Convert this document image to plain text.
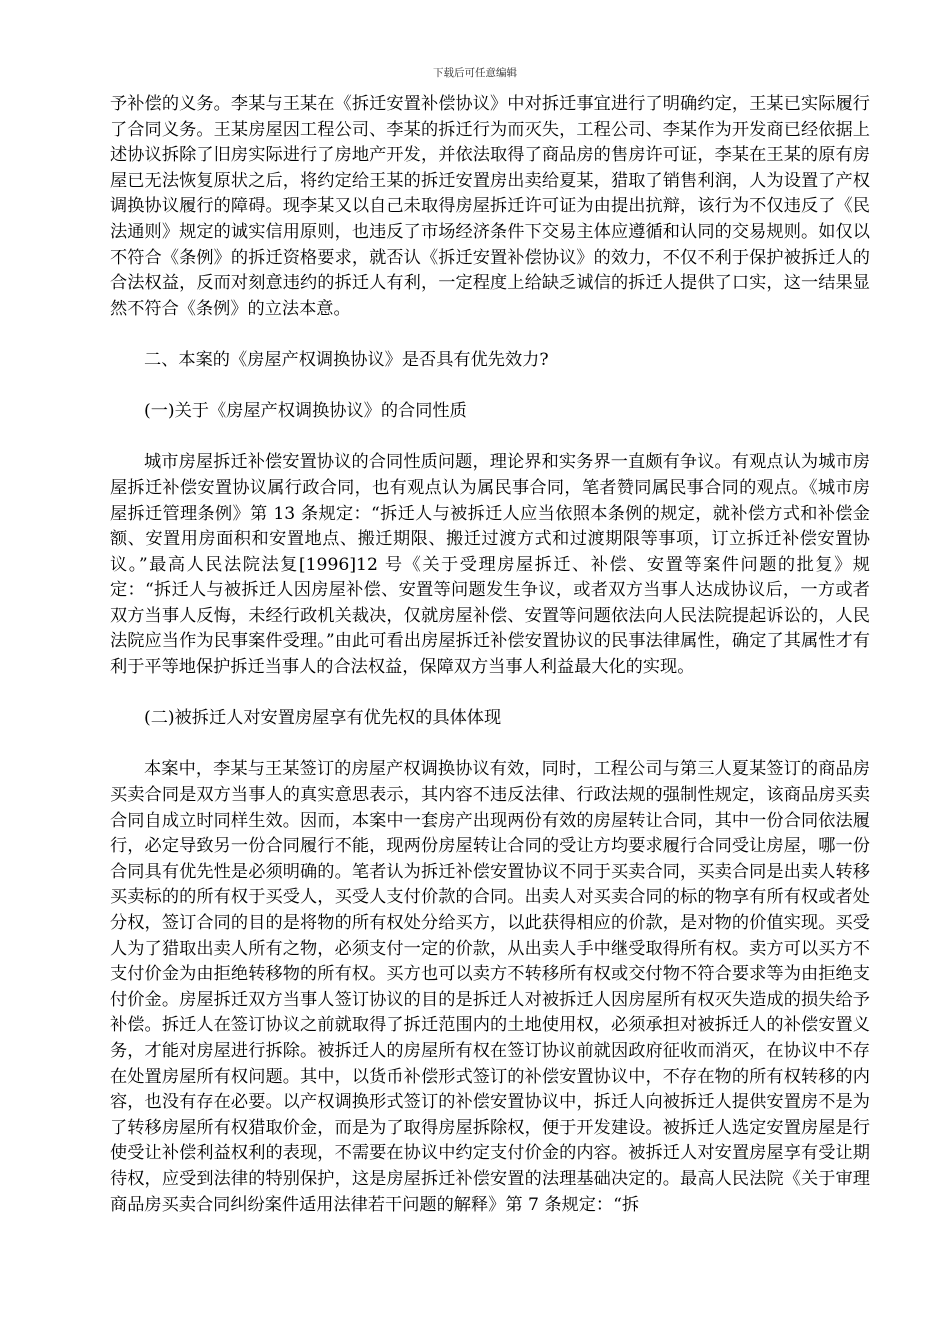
下载后可任意编辑

予补偿的义务。李某与王某在《拆迁安置补偿协议》中对拆迁事宜进行了明确约定，王某已实际履行了合同义务。王某房屋因工程公司、李某的拆迁行为而灭失，工程公司、李某作为开发商已经依据上述协议拆除了旧房实际进行了房地产开发，并依法取得了商品房的售房许可证，李某在王某的原有房屋已无法恢复原状之后，将约定给王某的拆迁安置房出卖给夏某，猎取了销售利润，人为设置了产权调换协议履行的障碍。现李某又以自己未取得房屋拆迁许可证为由提出抗辩，该行为不仅违反了《民法通则》规定的诚实信用原则，也违反了市场经济条件下交易主体应遵循和认同的交易规则。如仅以不符合《条例》的拆迁资格要求，就否认《拆迁安置补偿协议》的效力，不仅不利于保护被拆迁人的合法权益，反而对刻意违约的拆迁人有利，一定程度上给缺乏诚信的拆迁人提供了口实，这一结果显然不符合《条例》的立法本意。

二、本案的《房屋产权调换协议》是否具有优先效力?

(一)关于《房屋产权调换协议》的合同性质

城市房屋拆迁补偿安置协议的合同性质问题，理论界和实务界一直颇有争议。有观点认为城市房屋拆迁补偿安置协议属行政合同，也有观点认为属民事合同，笔者赞同属民事合同的观点。《城市房屋拆迁管理条例》第 13 条规定：“拆迁人与被拆迁人应当依照本条例的规定，就补偿方式和补偿金额、安置用房面积和安置地点、搬迁期限、搬迁过渡方式和过渡期限等事项，订立拆迁补偿安置协议。”最高人民法院法复[1996]12 号《关于受理房屋拆迁、补偿、安置等案件问题的批复》规定：“拆迁人与被拆迁人因房屋补偿、安置等问题发生争议，或者双方当事人达成协议后，一方或者双方当事人反悔，未经行政机关裁决，仅就房屋补偿、安置等问题依法向人民法院提起诉讼的，人民法院应当作为民事案件受理。”由此可看出房屋拆迁补偿安置协议的民事法律属性，确定了其属性才有利于平等地保护拆迁当事人的合法权益，保障双方当事人利益最大化的实现。

(二)被拆迁人对安置房屋享有优先权的具体体现

本案中，李某与王某签订的房屋产权调换协议有效，同时，工程公司与第三人夏某签订的商品房买卖合同是双方当事人的真实意思表示，其内容不违反法律、行政法规的强制性规定，该商品房买卖合同自成立时同样生效。因而，本案中一套房产出现两份有效的房屋转让合同，其中一份合同依法履行，必定导致另一份合同履行不能，现两份房屋转让合同的受让方均要求履行合同受让房屋，哪一份合同具有优先性是必须明确的。笔者认为拆迁补偿安置协议不同于买卖合同，买卖合同是出卖人转移买卖标的的所有权于买受人，买受人支付价款的合同。出卖人对买卖合同的标的物享有所有权或者处分权，签订合同的目的是将物的所有权处分给买方，以此获得相应的价款，是对物的价值实现。买受人为了猎取出卖人所有之物，必须支付一定的价款，从出卖人手中继受取得所有权。卖方可以买方不支付价金为由拒绝转移物的所有权。买方也可以卖方不转移所有权或交付物不符合要求等为由拒绝支付价金。房屋拆迁双方当事人签订协议的目的是拆迁人对被拆迁人因房屋所有权灭失造成的损失给予补偿。拆迁人在签订协议之前就取得了拆迁范围内的土地使用权，必须承担对被拆迁人的补偿安置义务，才能对房屋进行拆除。被拆迁人的房屋所有权在签订协议前就因政府征收而消灭，在协议中不存在处置房屋所有权问题。其中，以货币补偿形式签订的补偿安置协议中，不存在物的所有权转移的内容，也没有存在必要。以产权调换形式签订的补偿安置协议中，拆迁人向被拆迁人提供安置房不是为了转移房屋所有权猎取价金，而是为了取得房屋拆除权，便于开发建设。被拆迁人选定安置房屋是行使受让补偿利益权利的表现，不需要在协议中约定支付价金的内容。被拆迁人对安置房屋享有受让期待权，应受到法律的特别保护，这是房屋拆迁补偿安置的法理基础决定的。最高人民法院《关于审理商品房买卖合同纠纷案件适用法律若干问题的解释》第 7 条规定：“拆
